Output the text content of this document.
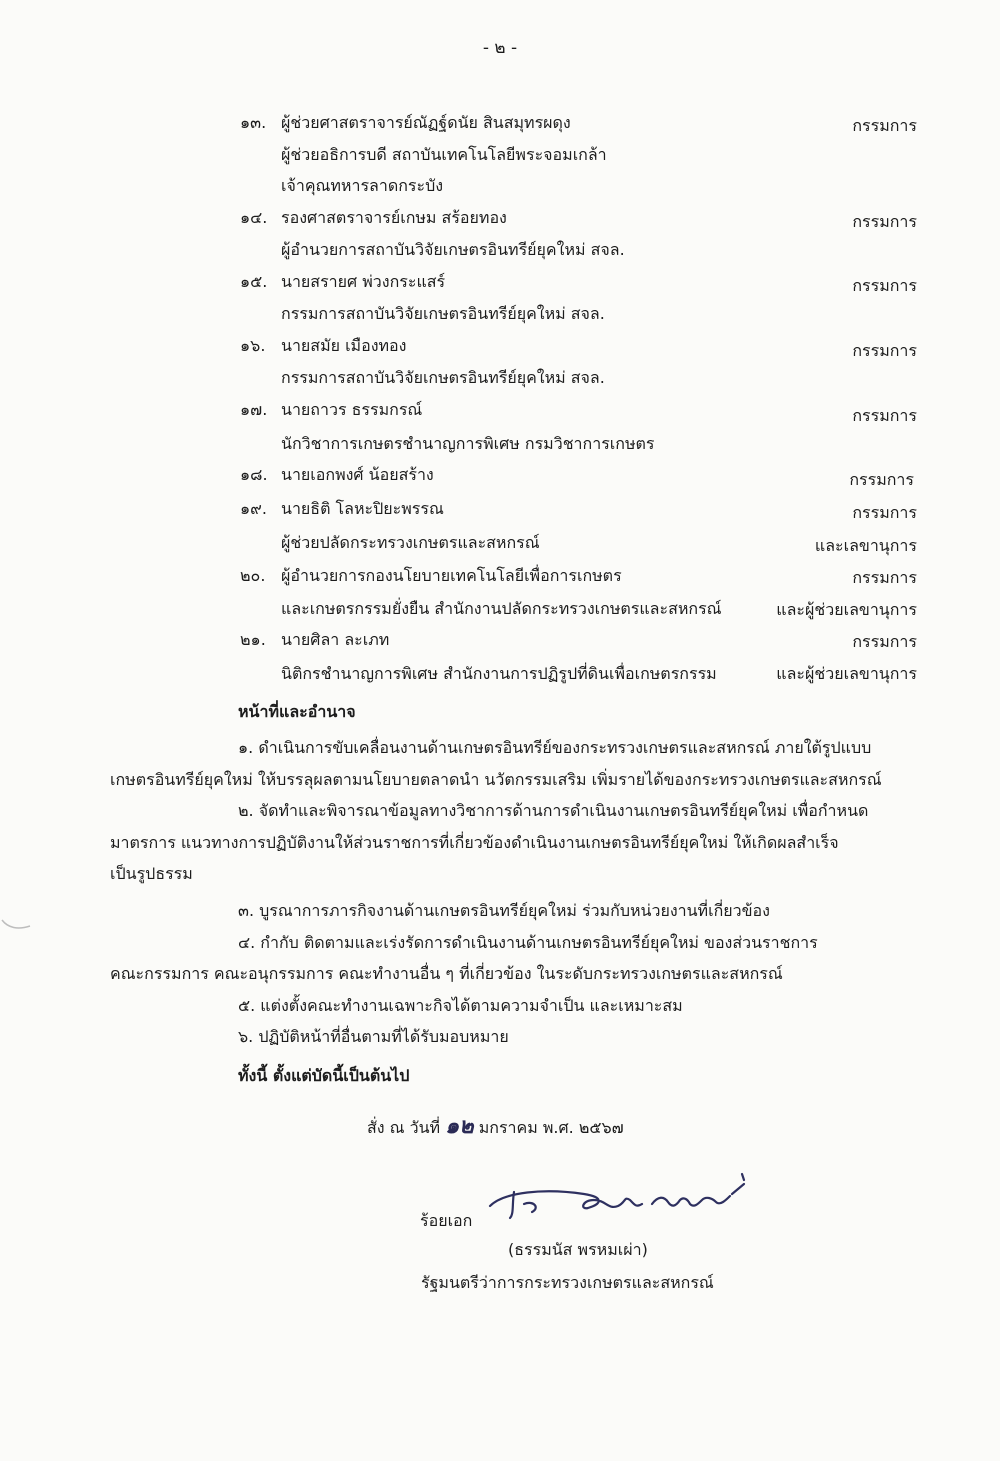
- ๒ -
๑๓. ผู้ช่วยศาสตราจารย์ณัฏฐ์ดนัย สินสมุทรผดุง	กรรมการ
ผู้ช่วยอธิการบดี สถาบันเทคโนโลยีพระจอมเกล้า
เจ้าคุณทหารลาดกระบัง
๑๔. รองศาสตราจารย์เกษม สร้อยทอง	กรรมการ
ผู้อำนวยการสถาบันวิจัยเกษตรอินทรีย์ยุคใหม่ สจล.
๑๕. นายสรายศ พ่วงกระแสร์	กรรมการ
กรรมการสถาบันวิจัยเกษตรอินทรีย์ยุคใหม่ สจล.
๑๖. นายสมัย เมืองทอง	กรรมการ
กรรมการสถาบันวิจัยเกษตรอินทรีย์ยุคใหม่ สจล.
๑๗. นายถาวร ธรรมกรณ์	กรรมการ
นักวิชาการเกษตรชำนาญการพิเศษ กรมวิชาการเกษตร
๑๘. นายเอกพงศ์ น้อยสร้าง	กรรมการ
๑๙. นายธิติ โลหะปิยะพรรณ	กรรมการ
ผู้ช่วยปลัดกระทรวงเกษตรและสหกรณ์	และเลขานุการ
๒๐. ผู้อำนวยการกองนโยบายเทคโนโลยีเพื่อการเกษตร	กรรมการ
และเกษตรกรรมยั่งยืน สำนักงานปลัดกระทรวงเกษตรและสหกรณ์	และผู้ช่วยเลขานุการ
๒๑. นายศิลา ละเภท	กรรมการ
นิติกรชำนาญการพิเศษ สำนักงานการปฏิรูปที่ดินเพื่อเกษตรกรรม	และผู้ช่วยเลขานุการ
หน้าที่และอำนาจ
๑. ดำเนินการขับเคลื่อนงานด้านเกษตรอินทรีย์ของกระทรวงเกษตรและสหกรณ์ ภายใต้รูปแบบ
เกษตรอินทรีย์ยุคใหม่ ให้บรรลุผลตามนโยบายตลาดนำ นวัตกรรมเสริม เพิ่มรายได้ของกระทรวงเกษตรและสหกรณ์
๒. จัดทำและพิจารณาข้อมูลทางวิชาการด้านการดำเนินงานเกษตรอินทรีย์ยุคใหม่ เพื่อกำหนด
มาตรการ แนวทางการปฏิบัติงานให้ส่วนราชการที่เกี่ยวข้องดำเนินงานเกษตรอินทรีย์ยุคใหม่ ให้เกิดผลสำเร็จ
เป็นรูปธรรม
๓. บูรณาการภารกิจงานด้านเกษตรอินทรีย์ยุคใหม่ ร่วมกับหน่วยงานที่เกี่ยวข้อง
๔. กำกับ ติดตามและเร่งรัดการดำเนินงานด้านเกษตรอินทรีย์ยุคใหม่ ของส่วนราชการ
คณะกรรมการ คณะอนุกรรมการ คณะทำงานอื่น ๆ ที่เกี่ยวข้อง ในระดับกระทรวงเกษตรและสหกรณ์
๕. แต่งตั้งคณะทำงานเฉพาะกิจได้ตามความจำเป็น และเหมาะสม
๖. ปฏิบัติหน้าที่อื่นตามที่ได้รับมอบหมาย
ทั้งนี้ ตั้งแต่บัดนี้เป็นต้นไป
สั่ง ณ วันที่ ๑๒ มกราคม พ.ศ. ๒๕๖๗
ร้อยเอก
(ธรรมนัส พรหมเผ่า)
รัฐมนตรีว่าการกระทรวงเกษตรและสหกรณ์
